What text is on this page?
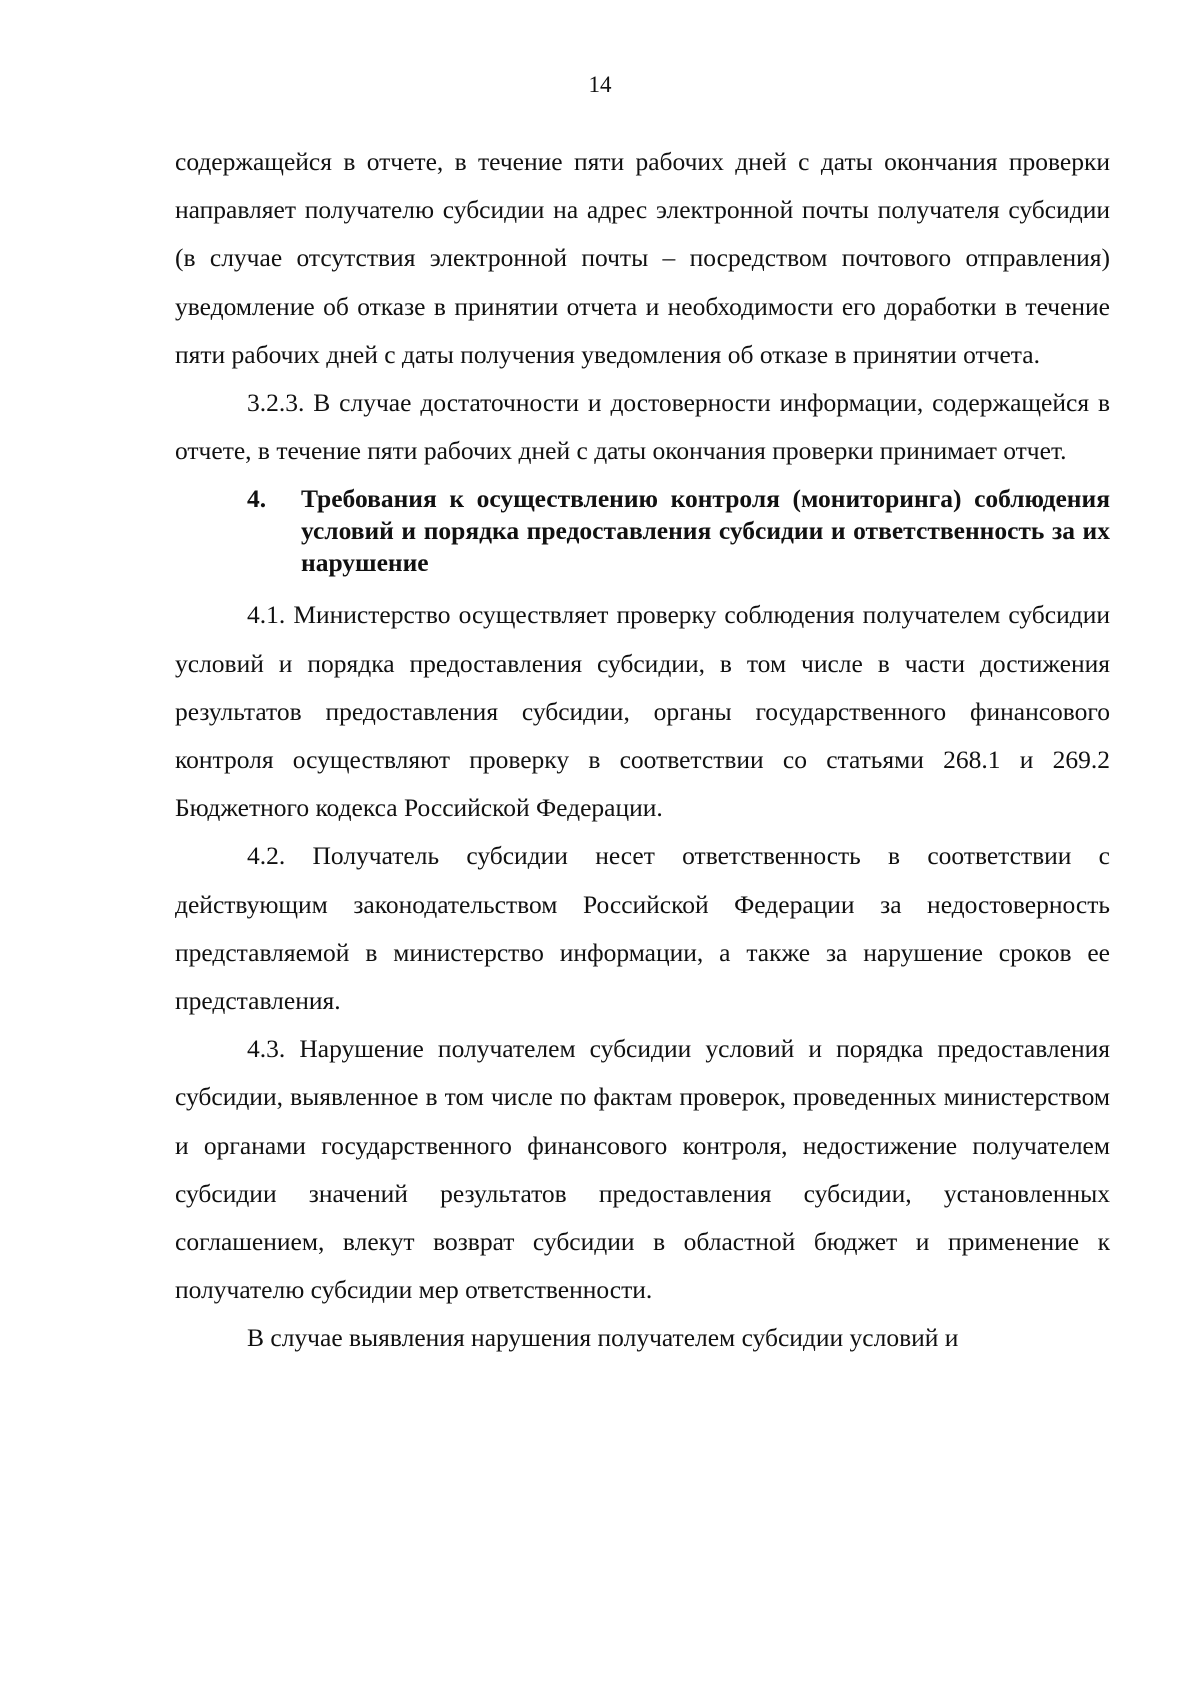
14

содержащейся в отчете, в течение пяти рабочих дней с даты окончания проверки направляет получателю субсидии на адрес электронной почты получателя субсидии (в случае отсутствия электронной почты – посредством почтового отправления) уведомление об отказе в принятии отчета и необходимости его доработки в течение пяти рабочих дней с даты получения уведомления об отказе в принятии отчета.

3.2.3. В случае достаточности и достоверности информации, содержащейся в отчете, в течение пяти рабочих дней с даты окончания проверки принимает отчет.

4.	Требования к осуществлению контроля (мониторинга) соблюдения условий и порядка предоставления субсидии и ответственность за их нарушение

4.1. Министерство осуществляет проверку соблюдения получателем субсидии условий и порядка предоставления субсидии, в том числе в части достижения результатов предоставления субсидии, органы государственного финансового контроля осуществляют проверку в соответствии со статьями 268.1 и 269.2 Бюджетного кодекса Российской Федерации.

4.2. Получатель субсидии несет ответственность в соответствии с действующим законодательством Российской Федерации за недостоверность представляемой в министерство информации, а также за нарушение сроков ее представления.

4.3. Нарушение получателем субсидии условий и порядка предоставления субсидии, выявленное в том числе по фактам проверок, проведенных министерством и органами государственного финансового контроля, недостижение получателем субсидии значений результатов предоставления субсидии, установленных соглашением, влекут возврат субсидии в областной бюджет и применение к получателю субсидии мер ответственности.

В случае выявления нарушения получателем субсидии условий и
